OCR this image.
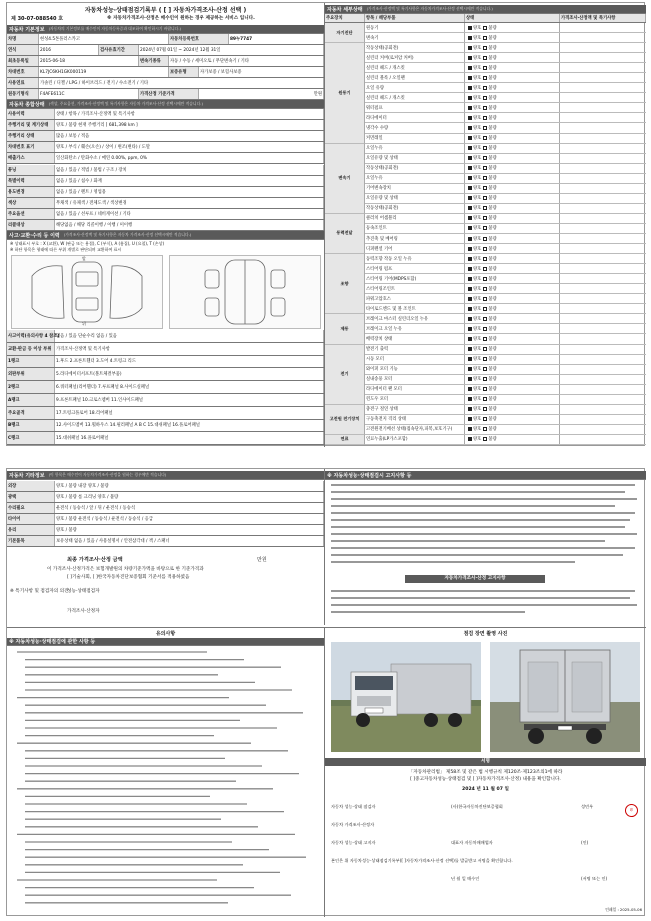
자동차성능·상태점검기록부 ( [ ] 자동차가격조사·산정 선택 )
제 30-07-088540 호	※ 자동차가격조사·산정은 매수인이 원하는 경우 제공하는 서비스 입니다.
자동차 기본정보 (자동차의 기본정보를 매수인이 자동차등록증과 대조하여 확인하시기 바랍니다.)
차명	현성4.5톤플러스카고	자동차등록번호	89누7747
연식	2016	검사유효기간	2024년 07월 01일 ~ 2024년 12월 31일
최초등록일	2015-06-18	변속기종류	자동 / 수동 / 세미오토 / 무단변속기 / 기타
차대번호	KL7JC6KH1GK000119	보증유형	자가보증 / 보험사보증
사용연료	가솔린 / 디젤 / LPG / 하이브리드 / 전기 / 수소전기 / 기타
원동기형식	F4AFE611C	가격산정 기준가격	만원
자동차 종합상태 (색상, 주요옵션, 가격조사·산정액 및 특기사항은 자동차 가격조사·산정 선택시에만 적습니다.)
사고·교환·수리 등 이력 (가격조사·산정액 및 특기사항은 자동차 가격조사·산정 선택시에만 적습니다.)
※ 상태표시 부호 : X (교환), W (판금 또는 용접), C (부식), A (흠집), U (요철), T (손상)
※ 하단 항목은 형태에 따른 부위 개별로 판단되며 교환하여 표시
앞
뒤
사용이력	상태 / 항목 / 가격조사·산정액 및 특기사항
주행거리 및 계기상태	양호 / 불량 현재 주행거리 [ 681,398 km ]
주행거리 상태	많음 / 보통 / 적음
차대번호 표기	양호 / 부식 / 훼손(오손) / 상이 / 변조(변타) / 도말
배출가스	일산화탄소 / 탄화수소 / 매연 0.00%, ppm, 0%
튜닝	없음 / 있음 / 적법 / 불법 / 구조 / 장치
특별이력	없음 / 있음 / 침수 / 화재
용도변경	없음 / 있음 / 렌트 / 영업용
색상	무채색 / 유채색 / 전체도색 / 색상변경
주요옵션	없음 / 있음 / 선루프 / 네비게이션 / 기타
리콜대상	해당없음 / 해당 리콜이행 / 이행 / 미이행
사고이력(유의사항 4 참조)
없음 / 있음 단순수리 없음 / 있음
교환·판금 등 이상 부위	가격조사·산정액 및 특기사항
1랭크	1.후드 2.프론트휀더 3.도어 4.트렁크 리드
외판부위	5.라디에이터서포트(볼트체결부품)
2랭크	6.쿼터패널(리어휀더) 7.루프패널 8.사이드실패널
A랭크	9.프론트패널 10.크로스멤버 11.인사이드패널
주요골격	17.트렁크플로어 18.리어패널
B랭크	12.사이드멤버 13.휠하우스 14.필러패널 A B C 15.대쉬패널 16.플로어패널
C랭크	15.대쉬패널 16.플로어패널
자동차 세부상태 (가격조사·산정액 및 특기사항은 자동차가격조사·산정 선택시에만 적습니다.)
주요장치	항목 / 해당부품	상태	가격조사·산정액 및 특기사항
자기진단
원동기	양호 불량
변속기	양호 불량
원동기
작동상태(공회전)	양호 불량
실린더 커버(로커암 커버)	양호 불량
실린더 헤드 / 개스킷	양호 불량
실린더 블록 / 오일팬	양호 불량
오일 유량	양호 불량
실린더 헤드 / 개스킷	양호 불량
워터펌프	양호 불량
라디에이터	양호 불량
냉각수 수량	양호 불량
커먼레일	양호 불량
변속기
오일누유	양호 불량
오일유량 및 상태	양호 불량
작동상태(공회전)	양호 불량
오일누유	양호 불량
기어변속장치	양호 불량
오일유량 및 상태	양호 불량
작동상태(공회전)	양호 불량
동력전달
클러치 어셈블리	양호 불량
등속조인트	양호 불량
추진축 및 베어링	양호 불량
디퍼렌셜 기어	양호 불량
조향
동력조향 작동 오일 누유	양호 불량
스티어링 펌프	양호 불량
스티어링 기어(MDPS포함)	양호 불량
스티어링조인트	양호 불량
파워고압호스	양호 불량
타이로드엔드 및 볼 조인트	양호 불량
제동
브레이크 마스터 실린더오일 누유	양호 불량
브레이크 오일 누유	양호 불량
배력장치 상태	양호 불량
전기
발전기 출력	양호 불량
시동 모터	양호 불량
와이퍼 모터 기능	양호 불량
실내송풍 모터	양호 불량
라디에이터 팬 모터	양호 불량
윈도우 모터	양호 불량
고전원 전기장치
충전구 절연 상태	양호 불량
구동축전지 격리 상태	양호 불량
고전원전기배선 상태(접속단자,피복,보호기구)	양호 불량
연료	연료누출(LP가스포함)	양호 불량
자동차 기타정보 (이 항목은 매수인이 자동차가격조사·산정을 원하는 경우에만 적습니다)
최종 가격조사·산정 금액	만원
이 가격조사·산정가격은 보험개발원의 차량기준가액을 바탕으로 한 기준가격과
[ ]기술사회, [ ]한국자동차진단보증협회 기준서를 적용하였음
※ 특기사항 및 점검자의 의견
성능·상태점검자
가격조사·산정자
외장	양호 / 불량 내장 양호 / 불량
광택	양호 / 불량 룸 크리닝 양호 / 불량
수리필요	운전석 / 동승석 / 앞 / 뒤 / 운전석 / 동승석
타이어	양호 / 불량 운전석 / 동승석 / 운전석 / 동승석 / 응급
유리	양호 / 불량
기본품목	보유상태 없음 / 있음 / 사용설명서 / 안전삼각대 / 잭 / 스패너
※ 자동차성능·상태점검시 고지사항 등
자동차가격조사·산정 고지사항
유의사항
※ 자동차성능·상태점검에 관한 사항 등
점검 장면 촬영 사진
서명
「자동차관리법」 제58조 및 같은 법 시행규칙 제120조·제123조의1에 따라
[ ]중고자동차성능·상태점검 및 [ ]자동차가격조사·산정) 내용을 확인합니다.
2024 년 11 월 07 일
印
인쇄일 : 2025-05-06
자동차 성능·상태 점검자	(사)한국자동차진단보증협회	성민우
자동차 가격조사·산정자
자동차 성능·상태 고지자	대표자 자동차매매업자	(인)
본인은 위 자동차성능·상태점검기록부([ ]자동차가격조사·산정 선택)를 발급받고 서명을 확인합니다.
년 월 일 매수인	(서명 또는 인)
